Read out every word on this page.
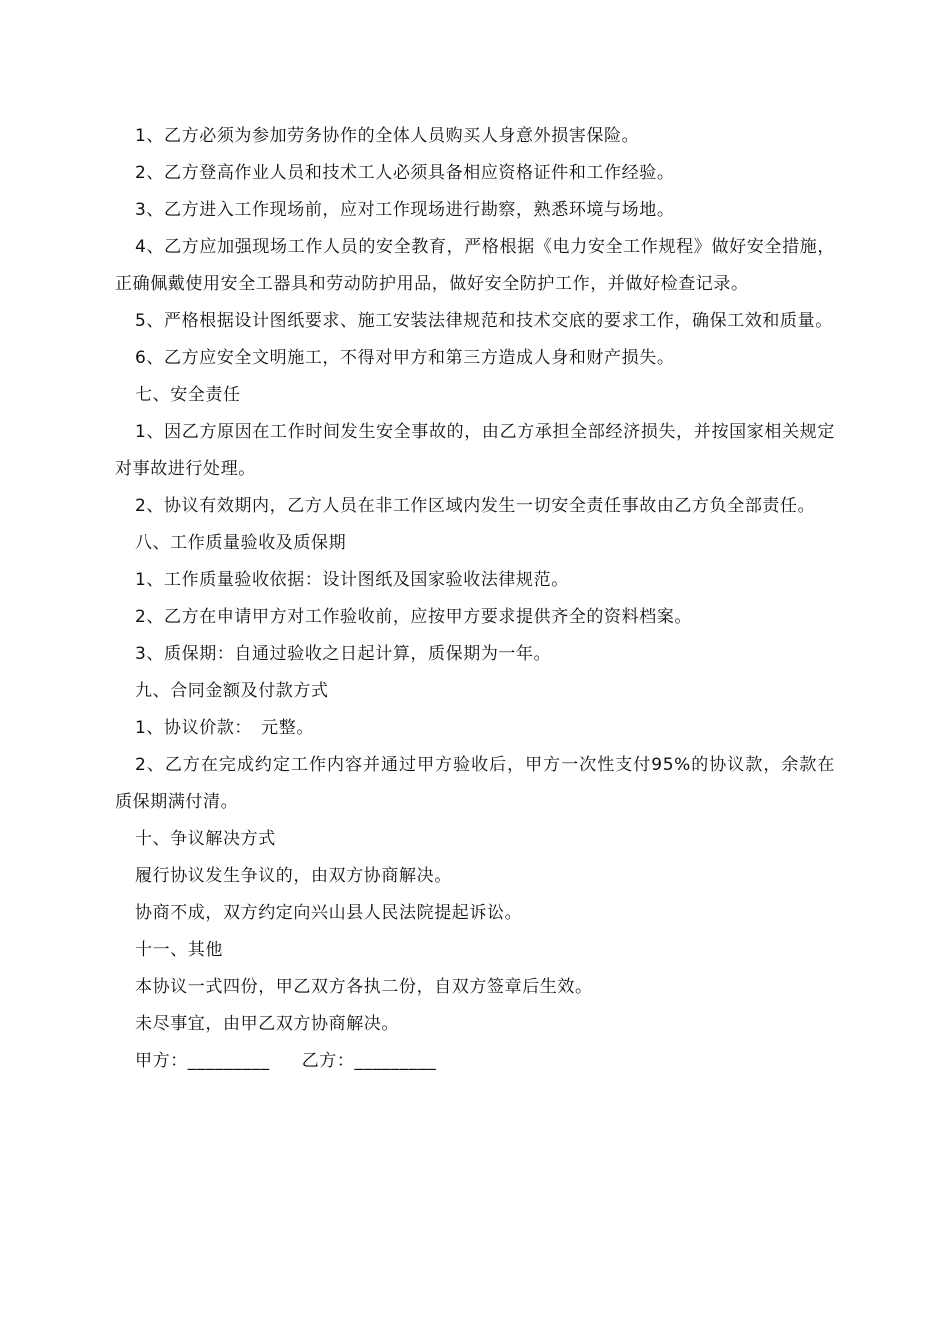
1、乙方必须为参加劳务协作的全体人员购买人身意外损害保险。

2、乙方登高作业人员和技术工人必须具备相应资格证件和工作经验。

3、乙方进入工作现场前，应对工作现场进行勘察，熟悉环境与场地。

4、乙方应加强现场工作人员的安全教育，严格根据《电力安全工作规程》做好安全措施，正确佩戴使用安全工器具和劳动防护用品，做好安全防护工作，并做好检查记录。

5、严格根据设计图纸要求、施工安装法律规范和技术交底的要求工作，确保工效和质量。

6、乙方应安全文明施工，不得对甲方和第三方造成人身和财产损失。

七、安全责任

1、因乙方原因在工作时间发生安全事故的，由乙方承担全部经济损失，并按国家相关规定对事故进行处理。

2、协议有效期内，乙方人员在非工作区域内发生一切安全责任事故由乙方负全部责任。

八、工作质量验收及质保期

1、工作质量验收依据：设计图纸及国家验收法律规范。

2、乙方在申请甲方对工作验收前，应按甲方要求提供齐全的资料档案。

3、质保期：自通过验收之日起计算，质保期为一年。

九、合同金额及付款方式

1、协议价款：　元整。

2、乙方在完成约定工作内容并通过甲方验收后，甲方一次性支付95%的协议款，余款在质保期满付清。

十、争议解决方式

履行协议发生争议的，由双方协商解决。

协商不成，双方约定向兴山县人民法院提起诉讼。

十一、其他

本协议一式四份，甲乙双方各执二份，自双方签章后生效。

未尽事宜，由甲乙双方协商解决。

甲方：_________	乙方：_________
